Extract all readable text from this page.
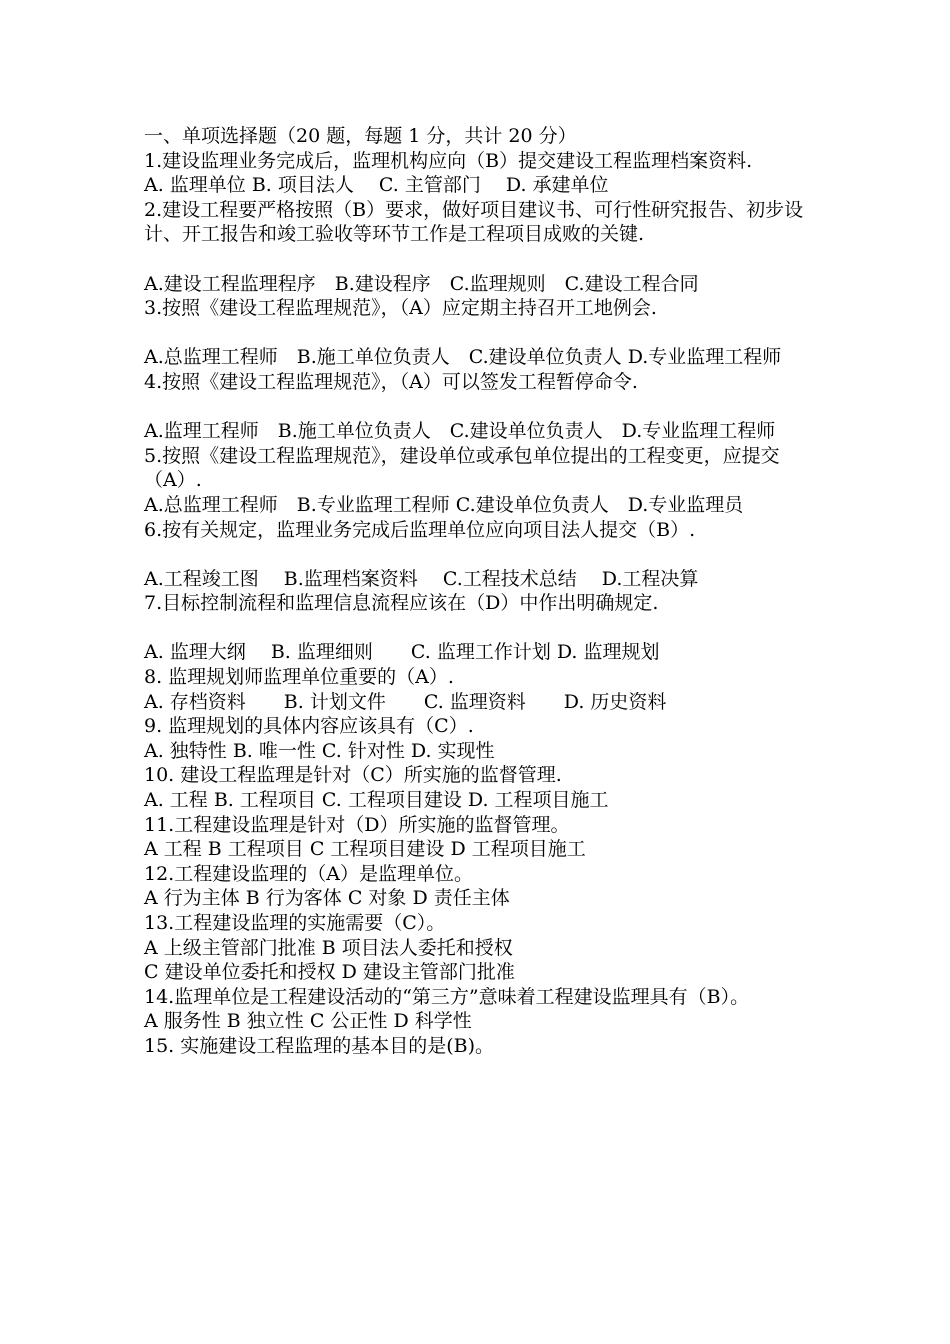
一、单项选择题（20 题，每题 1 分，共计 20 分）

1.建设监理业务完成后，监理机构应向（B）提交建设工程监理档案资料.

A. 监理单位 B. 项目法人　 C. 主管部门　 D. 承建单位

2.建设工程要严格按照（B）要求，做好项目建议书、可行性研究报告、初步设计、开工报告和竣工验收等环节工作是工程项目成败的关键.

A.建设工程监理程序　B.建设程序　C.监理规则　C.建设工程合同

3.按照《建设工程监理规范》，（A）应定期主持召开工地例会.

A.总监理工程师　B.施工单位负责人　C.建设单位负责人 D.专业监理工程师

4.按照《建设工程监理规范》，（A）可以签发工程暂停命令.

A.监理工程师　B.施工单位负责人　C.建设单位负责人　D.专业监理工程师

5.按照《建设工程监理规范》，建设单位或承包单位提出的工程变更，应提交（A）.

A.总监理工程师　B.专业监理工程师 C.建设单位负责人　D.专业监理员

6.按有关规定，监理业务完成后监理单位应向项目法人提交（B）.

A.工程竣工图　 B.监理档案资料　 C.工程技术总结　 D.工程决算

7.目标控制流程和监理信息流程应该在（D）中作出明确规定.

A. 监理大纲　 B. 监理细则　　C. 监理工作计划 D. 监理规划

8. 监理规划师监理单位重要的（A）.

A. 存档资料　　B. 计划文件　　C. 监理资料　　D. 历史资料

9. 监理规划的具体内容应该具有（C）.

A. 独特性 B. 唯一性 C. 针对性 D. 实现性

10. 建设工程监理是针对（C）所实施的监督管理.

A. 工程 B. 工程项目 C. 工程项目建设 D. 工程项目施工

11.工程建设监理是针对（D）所实施的监督管理。

A 工程 B 工程项目 C 工程项目建设 D 工程项目施工

12.工程建设监理的（A）是监理单位。

A 行为主体 B 行为客体 C 对象 D 责任主体

13.工程建设监理的实施需要（C）。

A 上级主管部门批准 B 项目法人委托和授权

C 建设单位委托和授权 D 建设主管部门批准

14.监理单位是工程建设活动的“第三方”意味着工程建设监理具有（B）。

A 服务性 B 独立性 C 公正性 D 科学性

15. 实施建设工程监理的基本目的是(B)。
